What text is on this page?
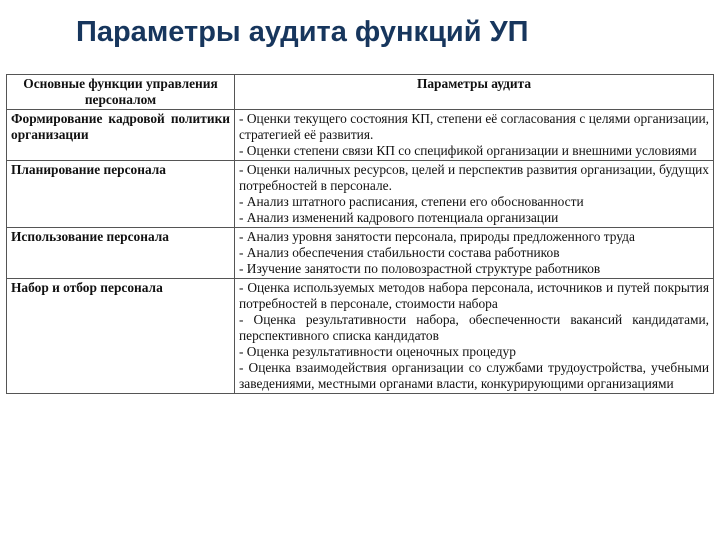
Параметры аудита функций УП
Основные функции управления персоналом	Параметры аудита
Формирование кадровой политики организации	- Оценки текущего состояния КП, степени её согласования с целями организации, стратегией её развития.
- Оценки степени связи КП со спецификой организации и внешними условиями

Планирование персонала	- Оценки наличных ресурсов, целей и перспектив развития организации, будущих потребностей в персонале.
- Анализ штатного расписания, степени его обоснованности
- Анализ изменений кадрового потенциала организации

Использование персонала	- Анализ уровня занятости персонала, природы предложенного труда
- Анализ обеспечения стабильности состава работников
- Изучение занятости по половозрастной структуре работников

Набор и отбор персонала	- Оценка используемых методов набора персонала, источников и путей покрытия потребностей в персонале, стоимости набора
- Оценка результативности набора, обеспеченности вакансий кандидатами, перспективного списка кандидатов
- Оценка результативности оценочных процедур
- Оценка взаимодействия организации со службами трудоустройства, учебными заведениями, местными органами власти, конкурирующими организациями
